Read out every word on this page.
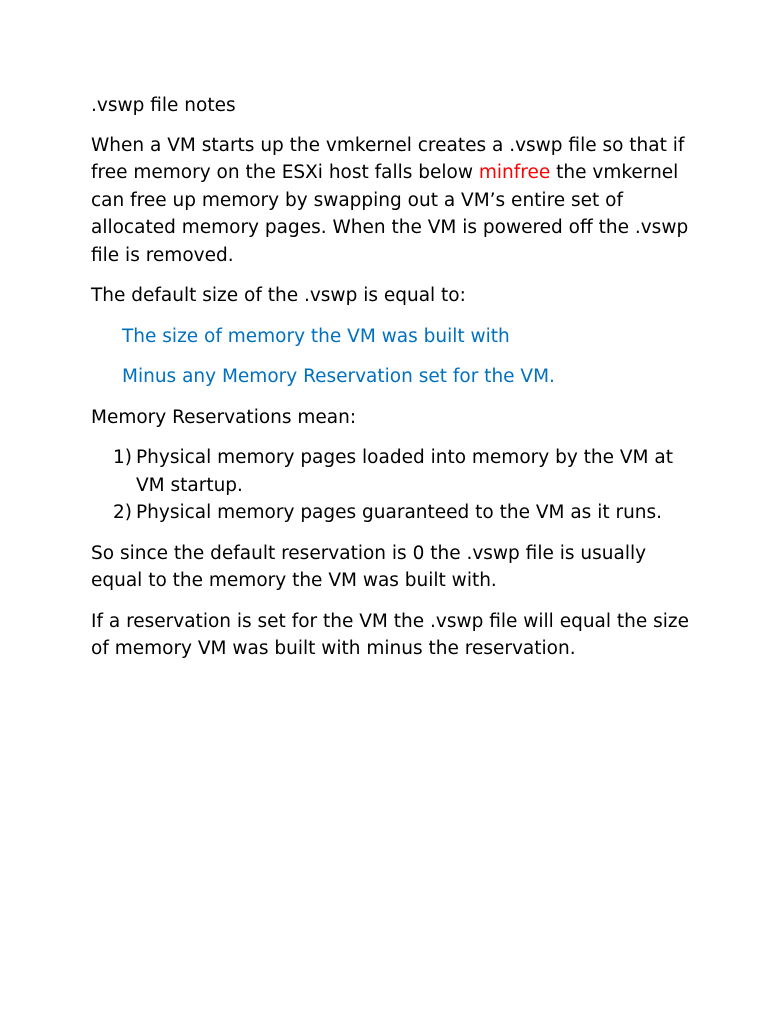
.vswp file notes

When a VM starts up the vmkernel creates a .vswp file so that if free memory on the ESXi host falls below minfree the vmkernel can free up memory by swapping out a VM’s entire set of allocated memory pages. When the VM is powered off the .vswp file is removed.

The default size of the .vswp is equal to:

The size of memory the VM was built with

Minus any Memory Reservation set for the VM.

Memory Reservations mean:

1) Physical memory pages loaded into memory by the VM at VM startup.
2) Physical memory pages guaranteed to the VM as it runs.

So since the default reservation is 0 the .vswp file is usually equal to the memory the VM was built with.

If a reservation is set for the VM the .vswp file will equal the size of memory VM was built with minus the reservation.
